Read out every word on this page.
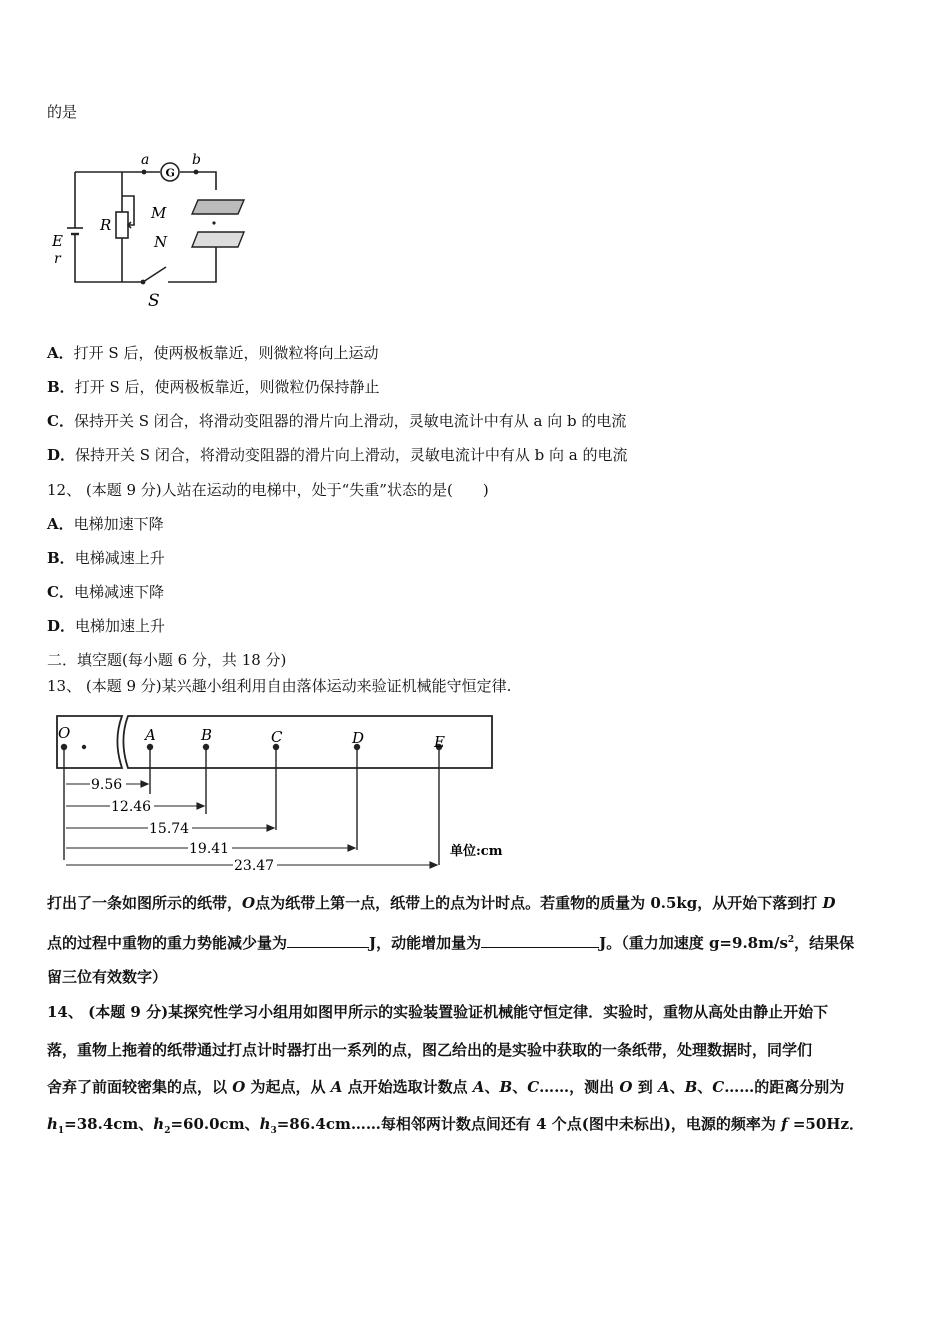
的是
a	b
G
R
M
N
E
r
S
A．打开 S 后，使两极板靠近，则微粒将向上运动
B．打开 S 后，使两极板靠近，则微粒仍保持静止
C．保持开关 S 闭合，将滑动变阻器的滑片向上滑动，灵敏电流计中有从 a 向 b 的电流
D．保持开关 S 闭合，将滑动变阻器的滑片向上滑动，灵敏电流计中有从 b 向 a 的电流
12、 (本题 9 分)人站在运动的电梯中，处于“失重”状态的是(　　)
A．电梯加速下降
B．电梯减速上升
C．电梯减速下降
D．电梯加速上升
二．填空题(每小题 6 分，共 18 分)
13、 (本题 9 分)某兴趣小组利用自由落体运动来验证机械能守恒定律.
O	A	B	C	D	E
9.56
12.46
15.74
19.41
23.47
单位:cm
打出了一条如图所示的纸带，O点为纸带上第一点，纸带上的点为计时点。若重物的质量为 0.5kg，从开始下落到打 D
点的过程中重物的重力势能减少量为	J，动能增加量为	J。（重力加速度 $g=9.8m/s^2$，结果保
留三位有效数字）
14、 (本题 9 分)某探究性学习小组用如图甲所示的实验装置验证机械能守恒定律．实验时，重物从高处由静止开始下
落，重物上拖着的纸带通过打点计时器打出一系列的点，图乙给出的是实验中获取的一条纸带，处理数据时，同学们
舍弃了前面较密集的点，以 O 为起点，从 A 点开始选取计数点 A、B、C……，测出 O 到 A、B、C……的距离分别为
$h_1=38.4cm$、$h_2=60.0cm$、$h_3=86.4cm\dots\dots$每相邻两计数点间还有 4 个点(图中未标出)，电源的频率为 f =50Hz．
